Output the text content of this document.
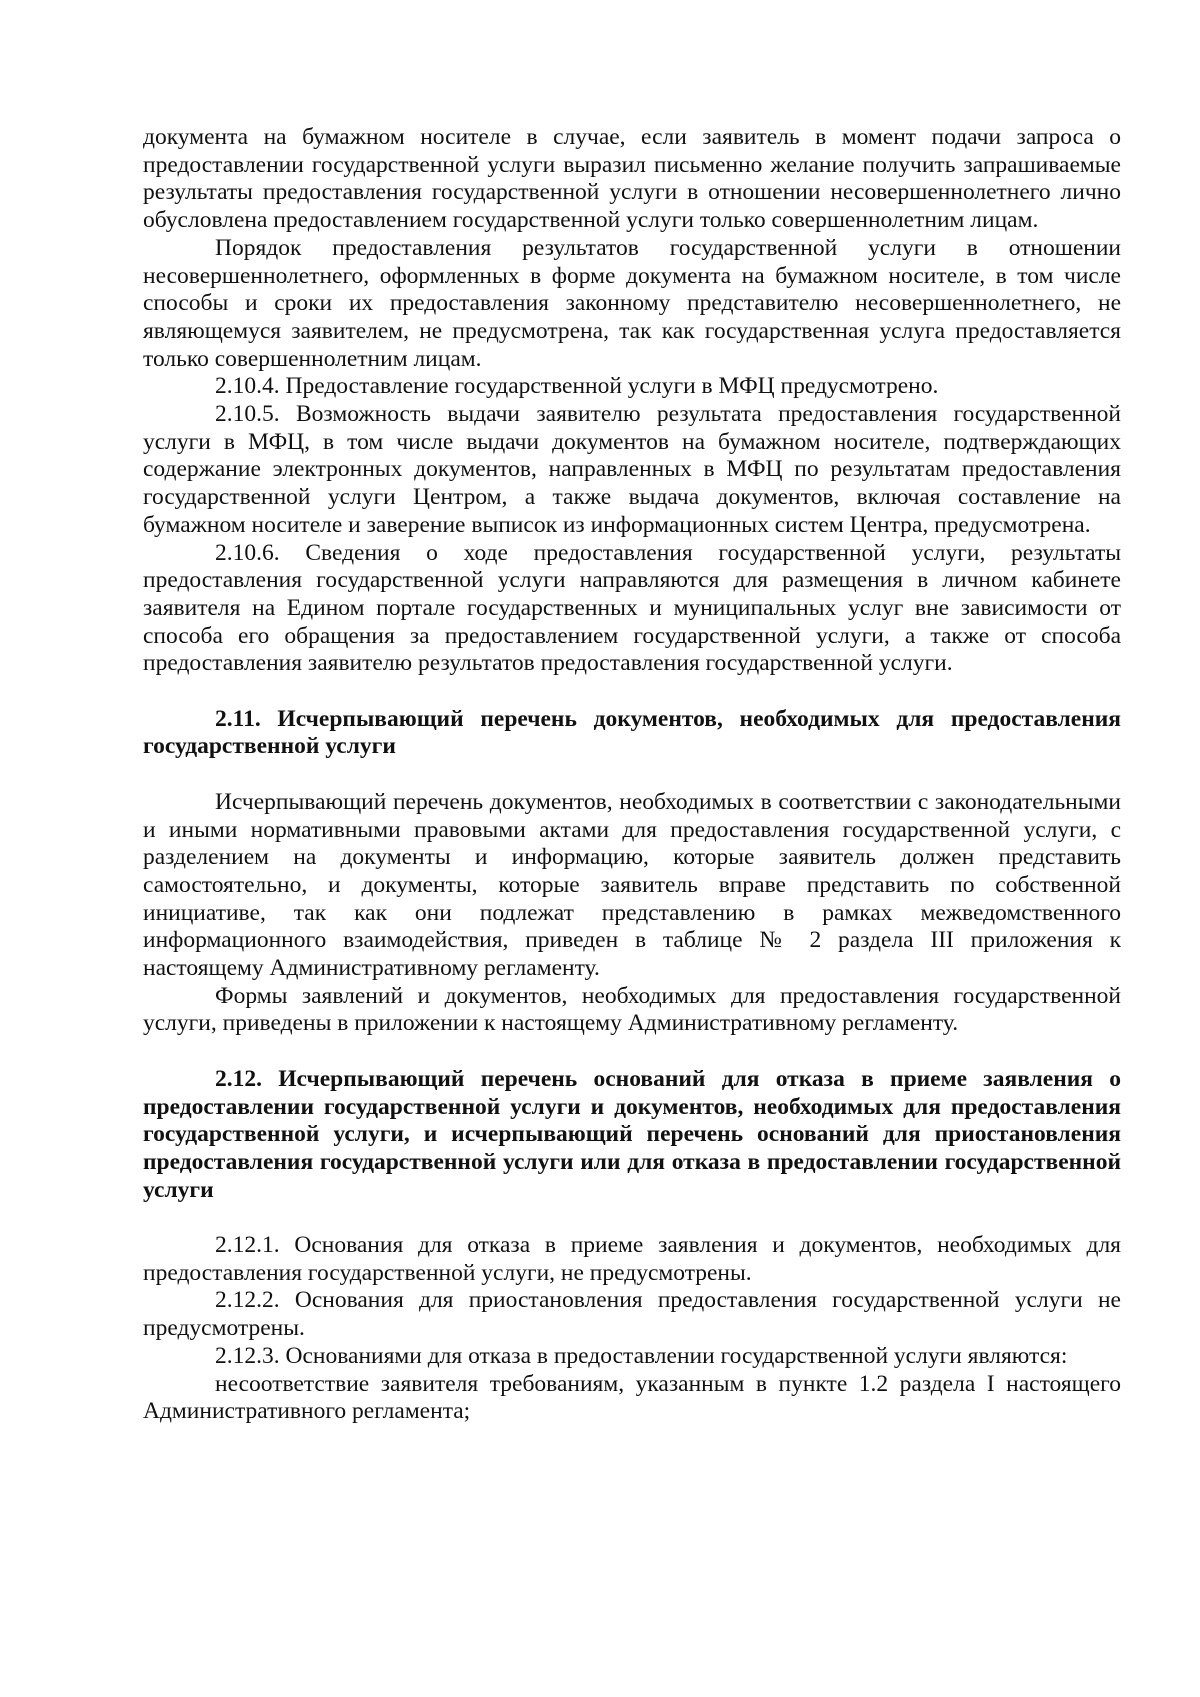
документа на бумажном носителе в случае, если заявитель в момент подачи запроса о предоставлении государственной услуги выразил письменно желание получить запрашиваемые результаты предоставления государственной услуги в отношении несовершеннолетнего лично обусловлена предоставлением государственной услуги только совершеннолетним лицам.

Порядок предоставления результатов государственной услуги в отношении несовершеннолетнего, оформленных в форме документа на бумажном носителе, в том числе способы и сроки их предоставления законному представителю несовершеннолетнего, не являющемуся заявителем, не предусмотрена, так как государственная услуга предоставляется только совершеннолетним лицам.

2.10.4. Предоставление государственной услуги в МФЦ предусмотрено.

2.10.5. Возможность выдачи заявителю результата предоставления государственной услуги в МФЦ, в том числе выдачи документов на бумажном носителе, подтверждающих содержание электронных документов, направленных в МФЦ по результатам предоставления государственной услуги Центром, а также выдача документов, включая составление на бумажном носителе и заверение выписок из информационных систем Центра, предусмотрена.

2.10.6. Сведения о ходе предоставления государственной услуги, результаты предоставления государственной услуги направляются для размещения в личном кабинете заявителя на Едином портале государственных и муниципальных услуг вне зависимости от способа его обращения за предоставлением государственной услуги, а также от способа предоставления заявителю результатов предоставления государственной услуги.

2.11. Исчерпывающий перечень документов, необходимых для предоставления государственной услуги

Исчерпывающий перечень документов, необходимых в соответствии с законодательными и иными нормативными правовыми актами для предоставления государственной услуги, с разделением на документы и информацию, которые заявитель должен представить самостоятельно, и документы, которые заявитель вправе представить по собственной инициативе, так как они подлежат представлению в рамках межведомственного информационного взаимодействия, приведен в таблице № 2 раздела III приложения к настоящему Административному регламенту.

Формы заявлений и документов, необходимых для предоставления государственной услуги, приведены в приложении к настоящему Административному регламенту.

2.12. Исчерпывающий перечень оснований для отказа в приеме заявления о предоставлении государственной услуги и документов, необходимых для предоставления государственной услуги, и исчерпывающий перечень оснований для приостановления предоставления государственной услуги или для отказа в предоставлении государственной услуги

2.12.1. Основания для отказа в приеме заявления и документов, необходимых для предоставления государственной услуги, не предусмотрены.

2.12.2. Основания для приостановления предоставления государственной услуги не предусмотрены.

2.12.3. Основаниями для отказа в предоставлении государственной услуги являются:

несоответствие заявителя требованиям, указанным в пункте 1.2 раздела I настоящего Административного регламента;
